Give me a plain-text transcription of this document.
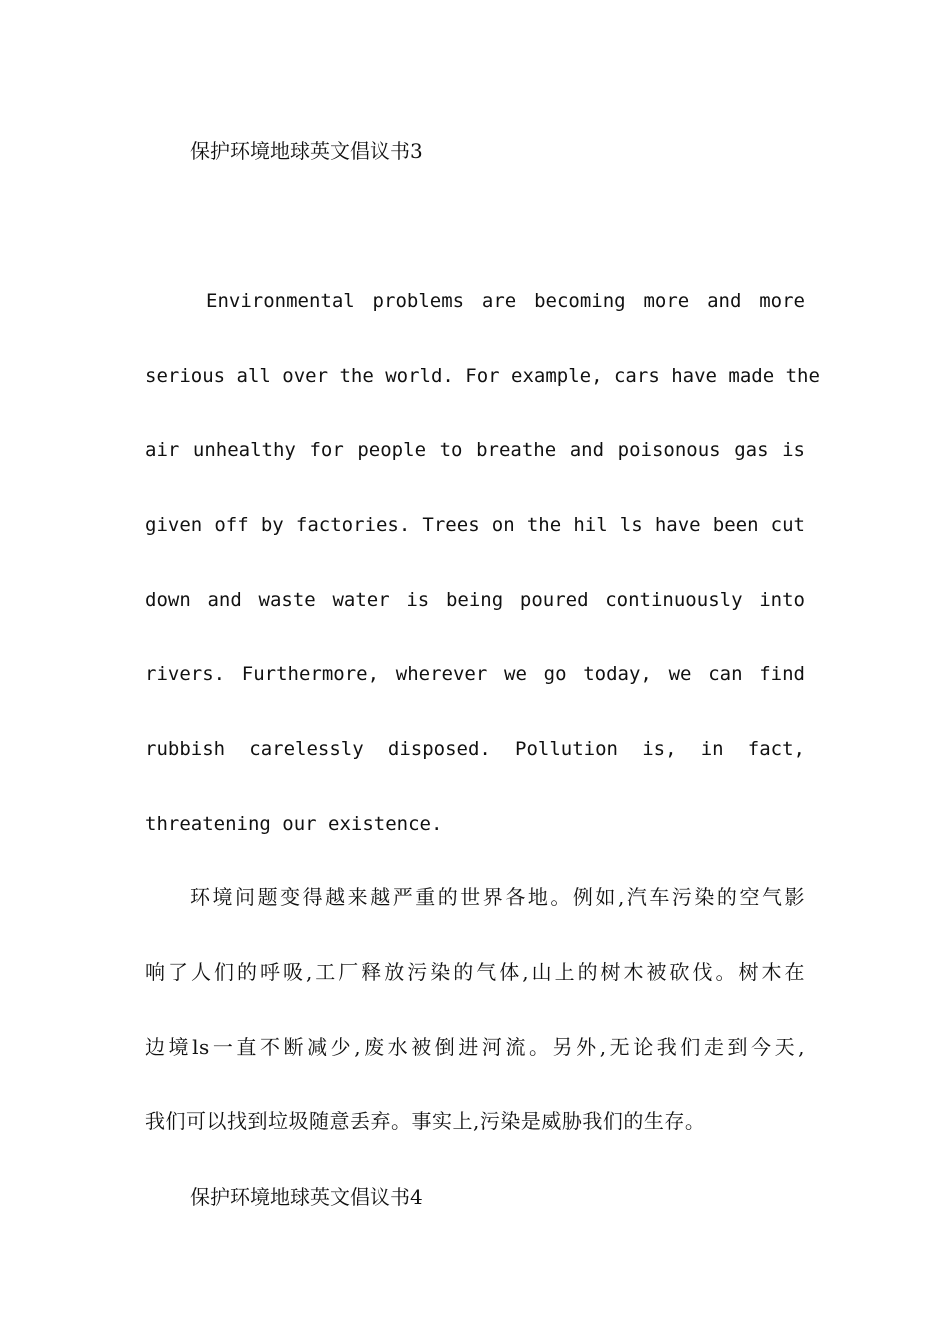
保护环境地球英文倡议书3
Environmental problems are becoming more and more
serious all over the world. For example, cars have made the
air unhealthy for people to breathe and poisonous gas is
given off by factories. Trees on the hil ls have been cut
down and waste water is being poured continuously into
rivers. Furthermore, wherever we go today, we can find
rubbish carelessly disposed. Pollution is, in fact,
threatening our existence.
环境问题变得越来越严重的世界各地。例如,汽车污染的空气影
响了人们的呼吸,工厂释放污染的气体,山上的树木被砍伐。树木在
边境ls一直不断减少,废水被倒进河流。另外,无论我们走到今天,
我们可以找到垃圾随意丢弃。事实上,污染是威胁我们的生存。
保护环境地球英文倡议书4
